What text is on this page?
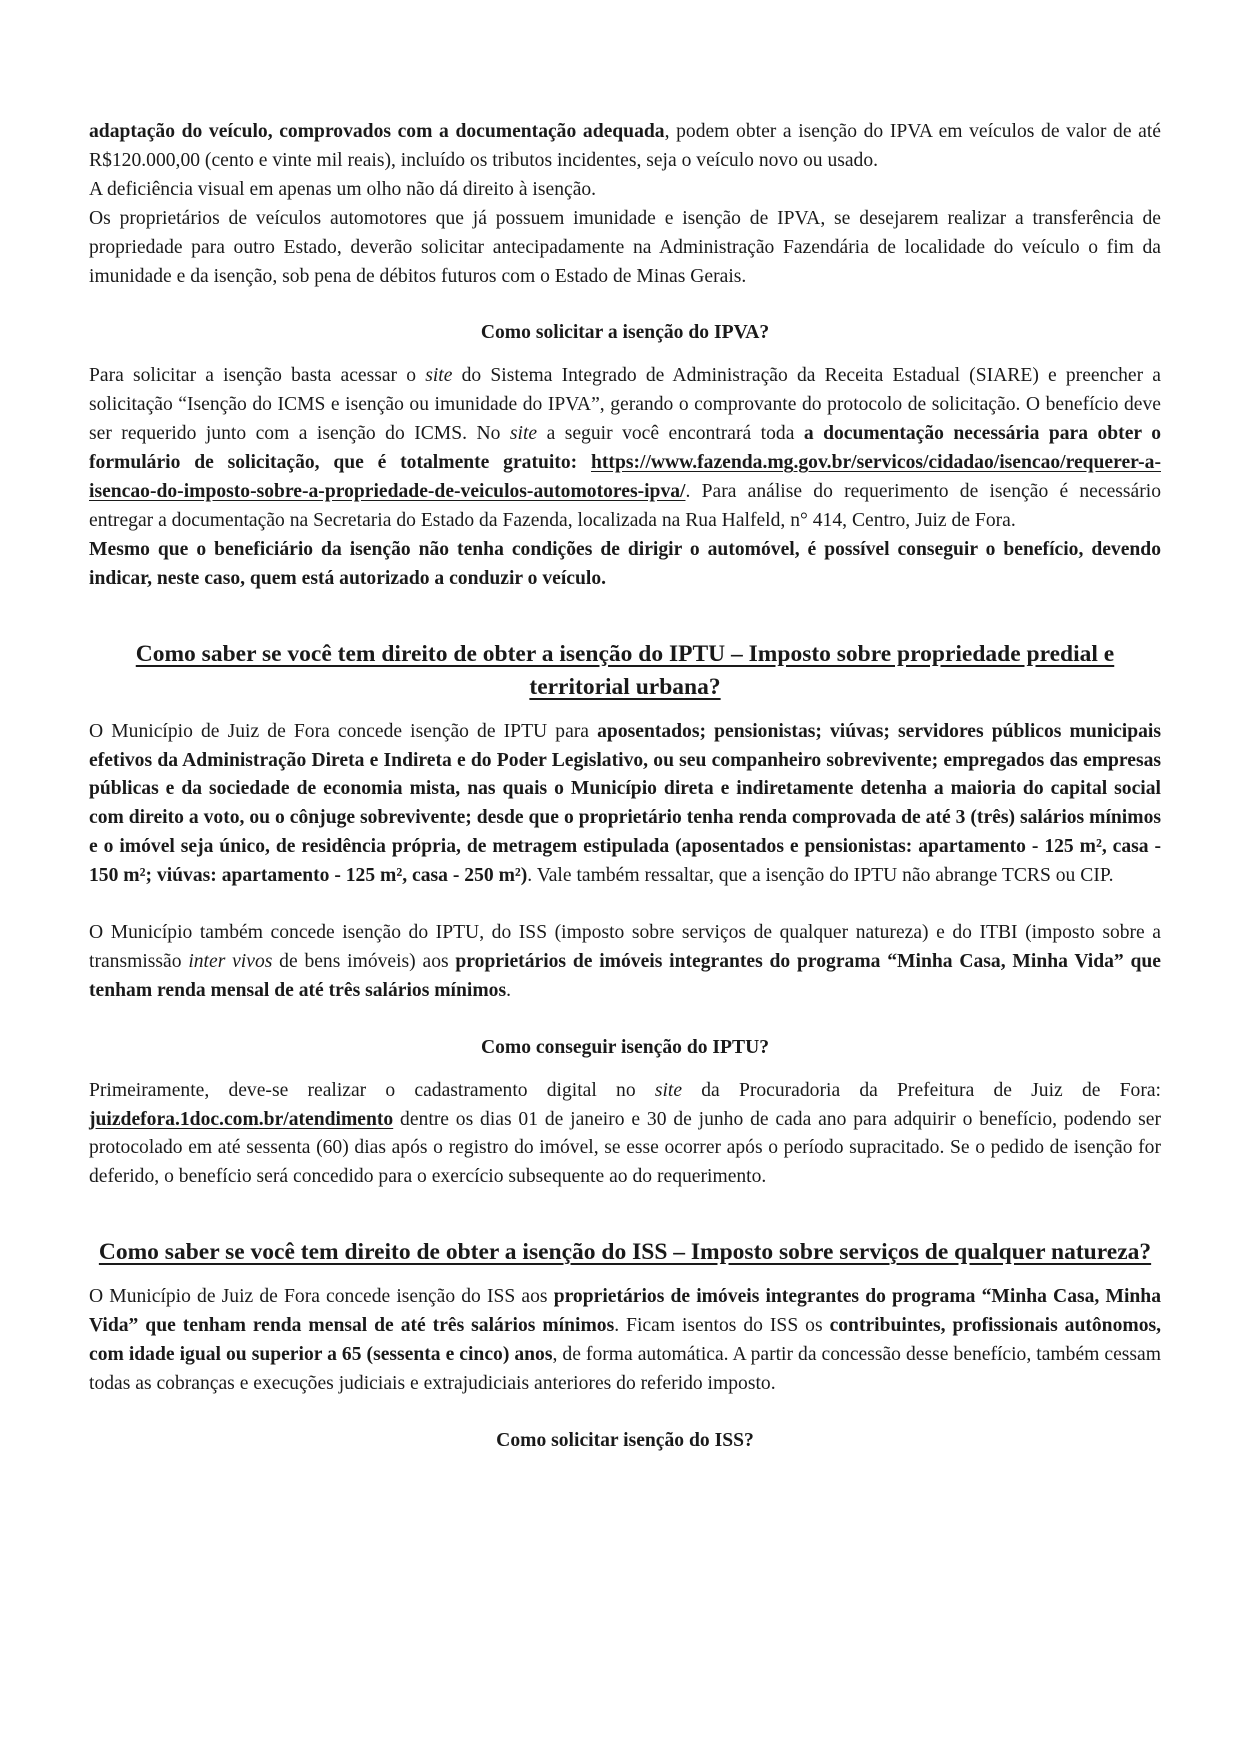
adaptação do veículo, comprovados com a documentação adequada, podem obter a isenção do IPVA em veículos de valor de até R$120.000,00 (cento e vinte mil reais), incluído os tributos incidentes, seja o veículo novo ou usado.

A deficiência visual em apenas um olho não dá direito à isenção.

Os proprietários de veículos automotores que já possuem imunidade e isenção de IPVA, se desejarem realizar a transferência de propriedade para outro Estado, deverão solicitar antecipadamente na Administração Fazendária de localidade do veículo o fim da imunidade e da isenção, sob pena de débitos futuros com o Estado de Minas Gerais.

Como solicitar a isenção do IPVA?

Para solicitar a isenção basta acessar o site do Sistema Integrado de Administração da Receita Estadual (SIARE) e preencher a solicitação “Isenção do ICMS e isenção ou imunidade do IPVA”, gerando o comprovante do protocolo de solicitação. O benefício deve ser requerido junto com a isenção do ICMS. No site a seguir você encontrará toda a documentação necessária para obter o formulário de solicitação, que é totalmente gratuito: https://www.fazenda.mg.gov.br/servicos/cidadao/isencao/requerer-a-isencao-do-imposto-sobre-a-propriedade-de-veiculos-automotores-ipva/. Para análise do requerimento de isenção é necessário entregar a documentação na Secretaria do Estado da Fazenda, localizada na Rua Halfeld, n° 414, Centro, Juiz de Fora.

Mesmo que o beneficiário da isenção não tenha condições de dirigir o automóvel, é possível conseguir o benefício, devendo indicar, neste caso, quem está autorizado a conduzir o veículo.

Como saber se você tem direito de obter a isenção do IPTU – Imposto sobre propriedade predial e territorial urbana?

O Município de Juiz de Fora concede isenção de IPTU para aposentados; pensionistas; viúvas; servidores públicos municipais efetivos da Administração Direta e Indireta e do Poder Legislativo, ou seu companheiro sobrevivente; empregados das empresas públicas e da sociedade de economia mista, nas quais o Município direta e indiretamente detenha a maioria do capital social com direito a voto, ou o cônjuge sobrevivente; desde que o proprietário tenha renda comprovada de até 3 (três) salários mínimos e o imóvel seja único, de residência própria, de metragem estipulada (aposentados e pensionistas: apartamento - 125 m², casa - 150 m²; viúvas: apartamento - 125 m², casa - 250 m²). Vale também ressaltar, que a isenção do IPTU não abrange TCRS ou CIP.

O Município também concede isenção do IPTU, do ISS (imposto sobre serviços de qualquer natureza) e do ITBI (imposto sobre a transmissão inter vivos de bens imóveis) aos proprietários de imóveis integrantes do programa “Minha Casa, Minha Vida” que tenham renda mensal de até três salários mínimos.

Como conseguir isenção do IPTU?

Primeiramente, deve-se realizar o cadastramento digital no site da Procuradoria da Prefeitura de Juiz de Fora: juizdefora.1doc.com.br/atendimento dentre os dias 01 de janeiro e 30 de junho de cada ano para adquirir o benefício, podendo ser protocolado em até sessenta (60) dias após o registro do imóvel, se esse ocorrer após o período supracitado. Se o pedido de isenção for deferido, o benefício será concedido para o exercício subsequente ao do requerimento.

Como saber se você tem direito de obter a isenção do ISS – Imposto sobre serviços de qualquer natureza?

O Município de Juiz de Fora concede isenção do ISS aos proprietários de imóveis integrantes do programa “Minha Casa, Minha Vida” que tenham renda mensal de até três salários mínimos. Ficam isentos do ISS os contribuintes, profissionais autônomos, com idade igual ou superior a 65 (sessenta e cinco) anos, de forma automática. A partir da concessão desse benefício, também cessam todas as cobranças e execuções judiciais e extrajudiciais anteriores do referido imposto.

Como solicitar isenção do ISS?
